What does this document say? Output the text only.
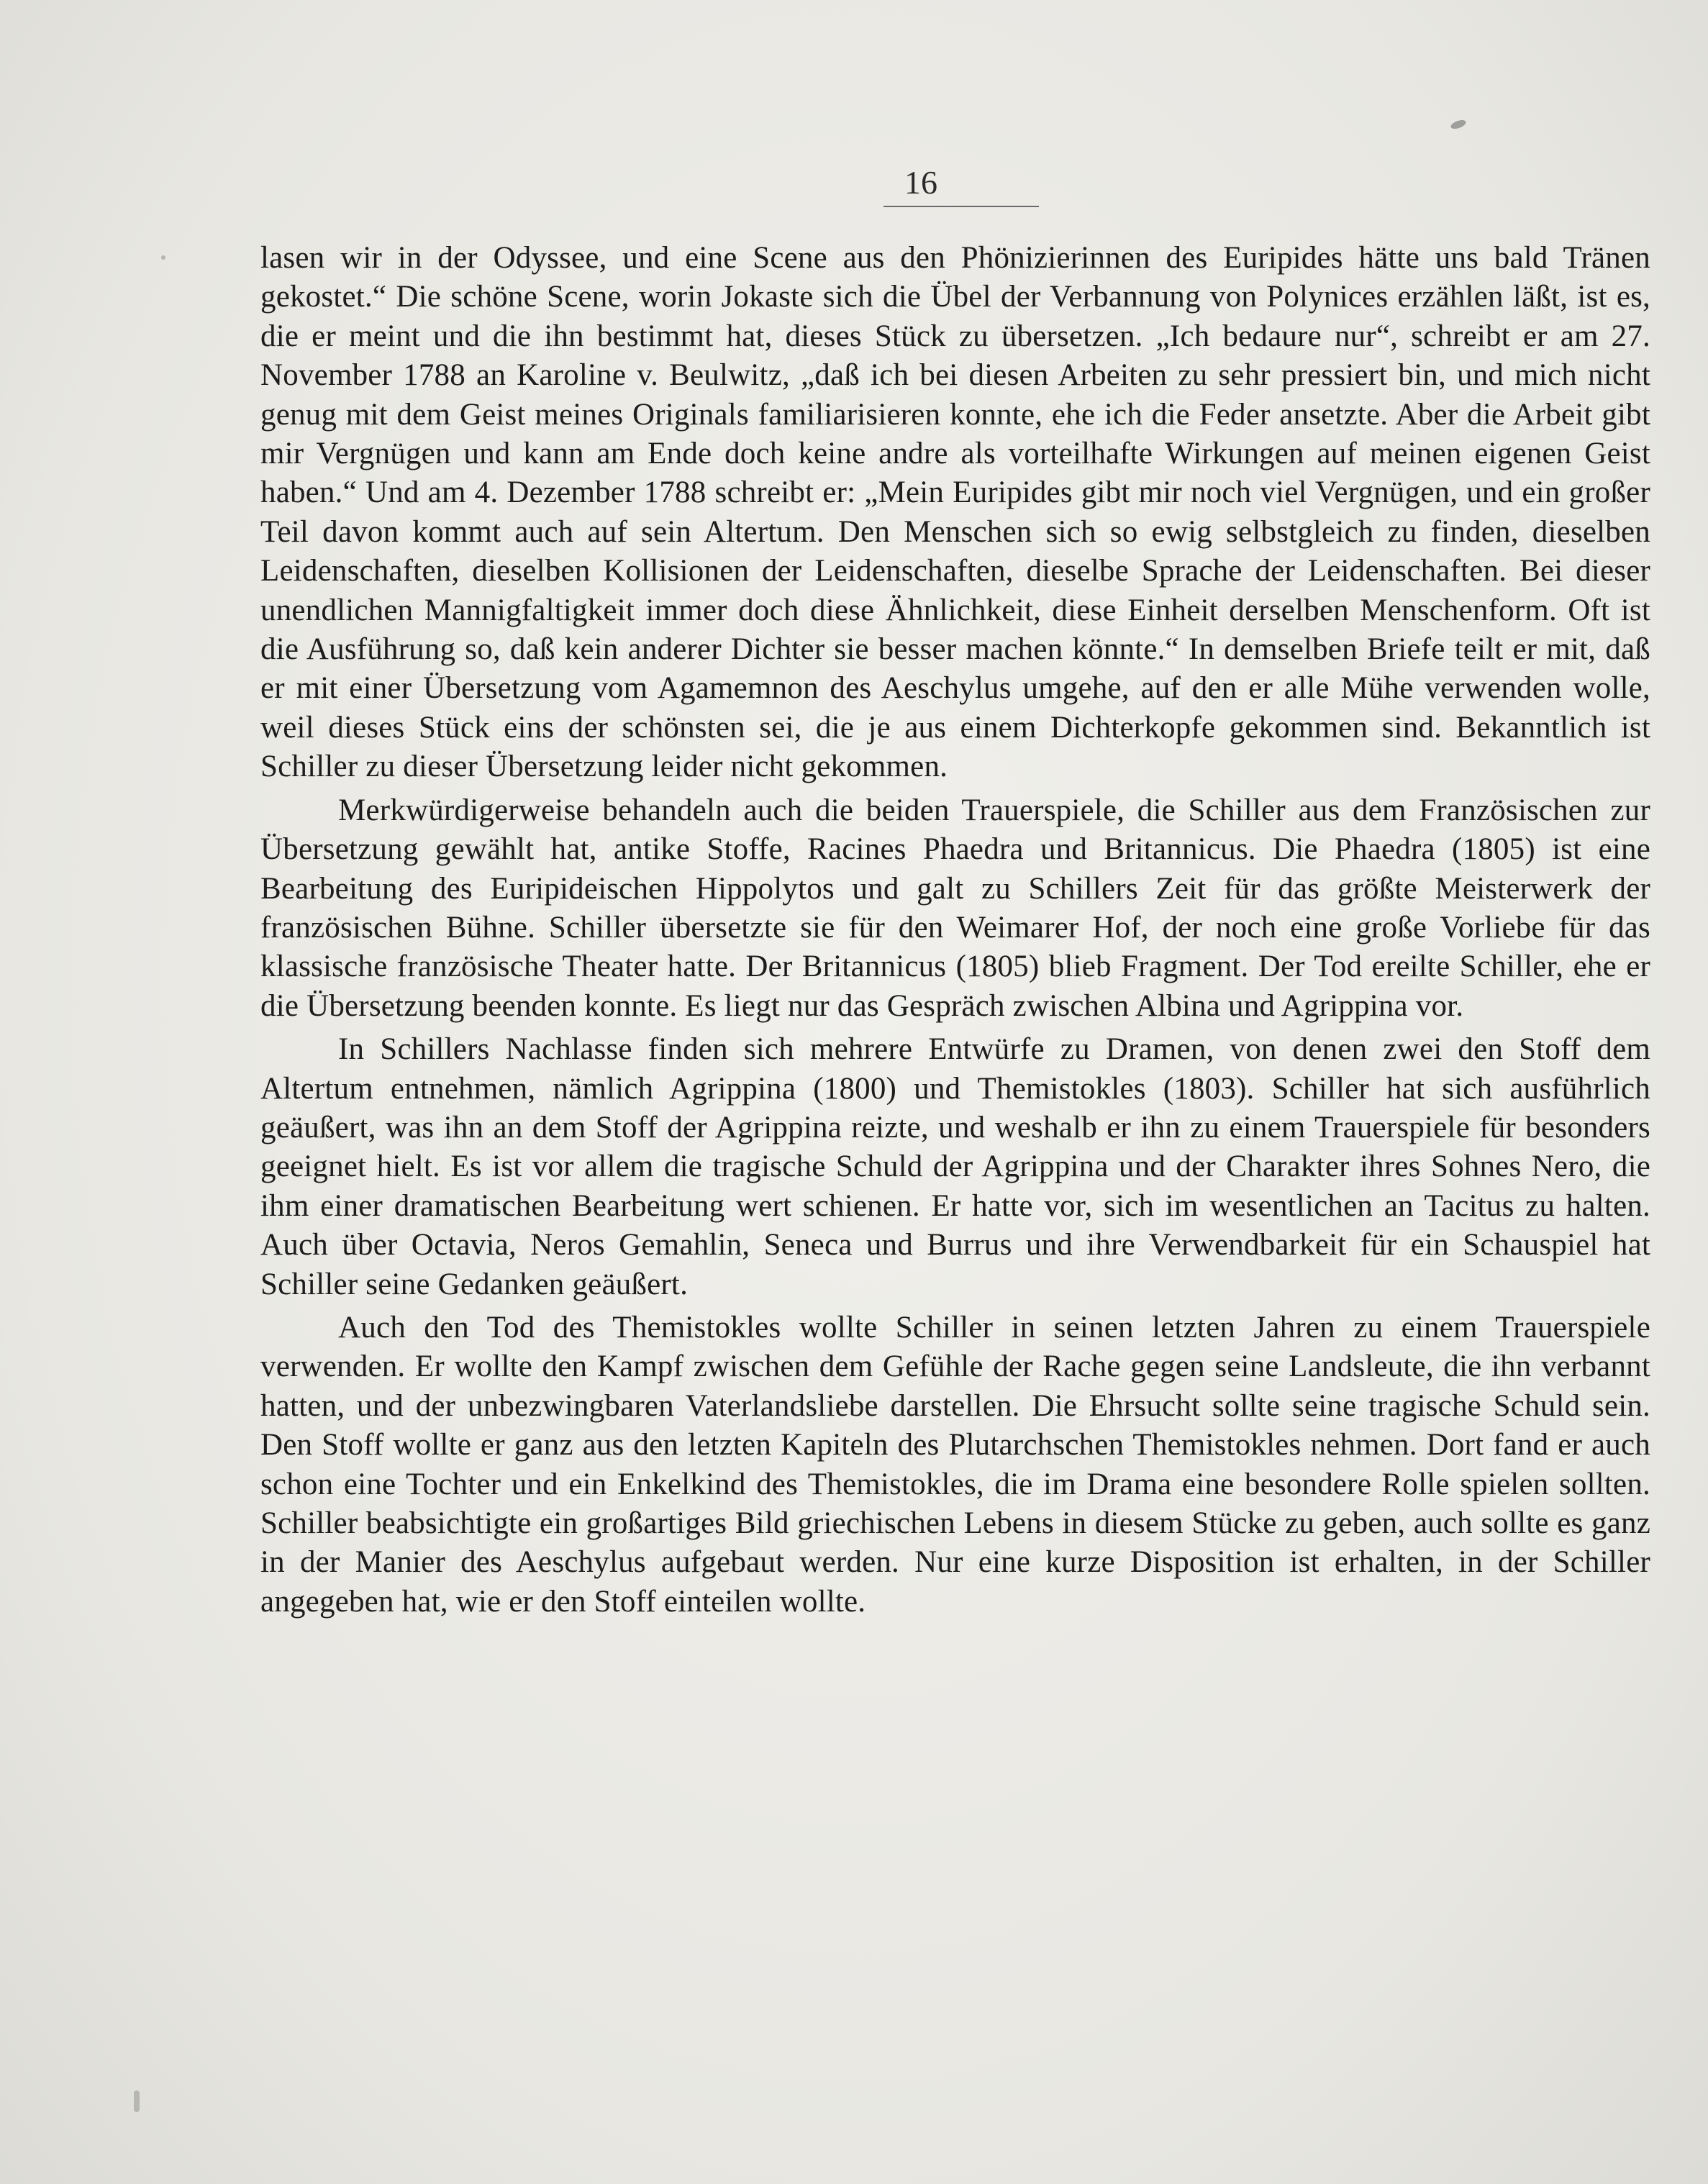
16

lasen wir in der Odyssee, und eine Scene aus den Phönizierinnen des Euripides hätte uns bald Tränen gekostet.“ Die schöne Scene, worin Jokaste sich die Übel der Verbannung von Polynices erzählen läßt, ist es, die er meint und die ihn bestimmt hat, dieses Stück zu übersetzen. „Ich bedaure nur“, schreibt er am 27. November 1788 an Karoline v. Beulwitz, „daß ich bei diesen Arbeiten zu sehr pressiert bin, und mich nicht genug mit dem Geist meines Originals familiarisieren konnte, ehe ich die Feder ansetzte. Aber die Arbeit gibt mir Vergnügen und kann am Ende doch keine andre als vorteilhafte Wirkungen auf meinen eigenen Geist haben.“ Und am 4. Dezember 1788 schreibt er: „Mein Euripides gibt mir noch viel Vergnügen, und ein großer Teil davon kommt auch auf sein Altertum. Den Menschen sich so ewig selbstgleich zu finden, dieselben Leidenschaften, dieselben Kollisionen der Leidenschaften, dieselbe Sprache der Leidenschaften. Bei dieser unendlichen Mannigfaltigkeit immer doch diese Ähnlichkeit, diese Einheit derselben Menschenform. Oft ist die Ausführung so, daß kein anderer Dichter sie besser machen könnte.“ In demselben Briefe teilt er mit, daß er mit einer Übersetzung vom Agamemnon des Aeschylus umgehe, auf den er alle Mühe verwenden wolle, weil dieses Stück eins der schönsten sei, die je aus einem Dichterkopfe gekommen sind. Bekanntlich ist Schiller zu dieser Übersetzung leider nicht gekommen.

Merkwürdigerweise behandeln auch die beiden Trauerspiele, die Schiller aus dem Französischen zur Übersetzung gewählt hat, antike Stoffe, Racines Phaedra und Britannicus. Die Phaedra (1805) ist eine Bearbeitung des Euripideischen Hippolytos und galt zu Schillers Zeit für das größte Meisterwerk der französischen Bühne. Schiller übersetzte sie für den Weimarer Hof, der noch eine große Vorliebe für das klassische französische Theater hatte. Der Britannicus (1805) blieb Fragment. Der Tod ereilte Schiller, ehe er die Übersetzung beenden konnte. Es liegt nur das Gespräch zwischen Albina und Agrippina vor.

In Schillers Nachlasse finden sich mehrere Entwürfe zu Dramen, von denen zwei den Stoff dem Altertum entnehmen, nämlich Agrippina (1800) und Themistokles (1803). Schiller hat sich ausführlich geäußert, was ihn an dem Stoff der Agrippina reizte, und weshalb er ihn zu einem Trauerspiele für besonders geeignet hielt. Es ist vor allem die tragische Schuld der Agrippina und der Charakter ihres Sohnes Nero, die ihm einer dramatischen Bearbeitung wert schienen. Er hatte vor, sich im wesentlichen an Tacitus zu halten. Auch über Octavia, Neros Gemahlin, Seneca und Burrus und ihre Verwendbarkeit für ein Schauspiel hat Schiller seine Gedanken geäußert.

Auch den Tod des Themistokles wollte Schiller in seinen letzten Jahren zu einem Trauerspiele verwenden. Er wollte den Kampf zwischen dem Gefühle der Rache gegen seine Landsleute, die ihn verbannt hatten, und der unbezwingbaren Vaterlandsliebe darstellen. Die Ehrsucht sollte seine tragische Schuld sein. Den Stoff wollte er ganz aus den letzten Kapiteln des Plutarchschen Themistokles nehmen. Dort fand er auch schon eine Tochter und ein Enkelkind des Themistokles, die im Drama eine besondere Rolle spielen sollten. Schiller beabsichtigte ein großartiges Bild griechischen Lebens in diesem Stücke zu geben, auch sollte es ganz in der Manier des Aeschylus aufgebaut werden. Nur eine kurze Disposition ist erhalten, in der Schiller angegeben hat, wie er den Stoff einteilen wollte.
